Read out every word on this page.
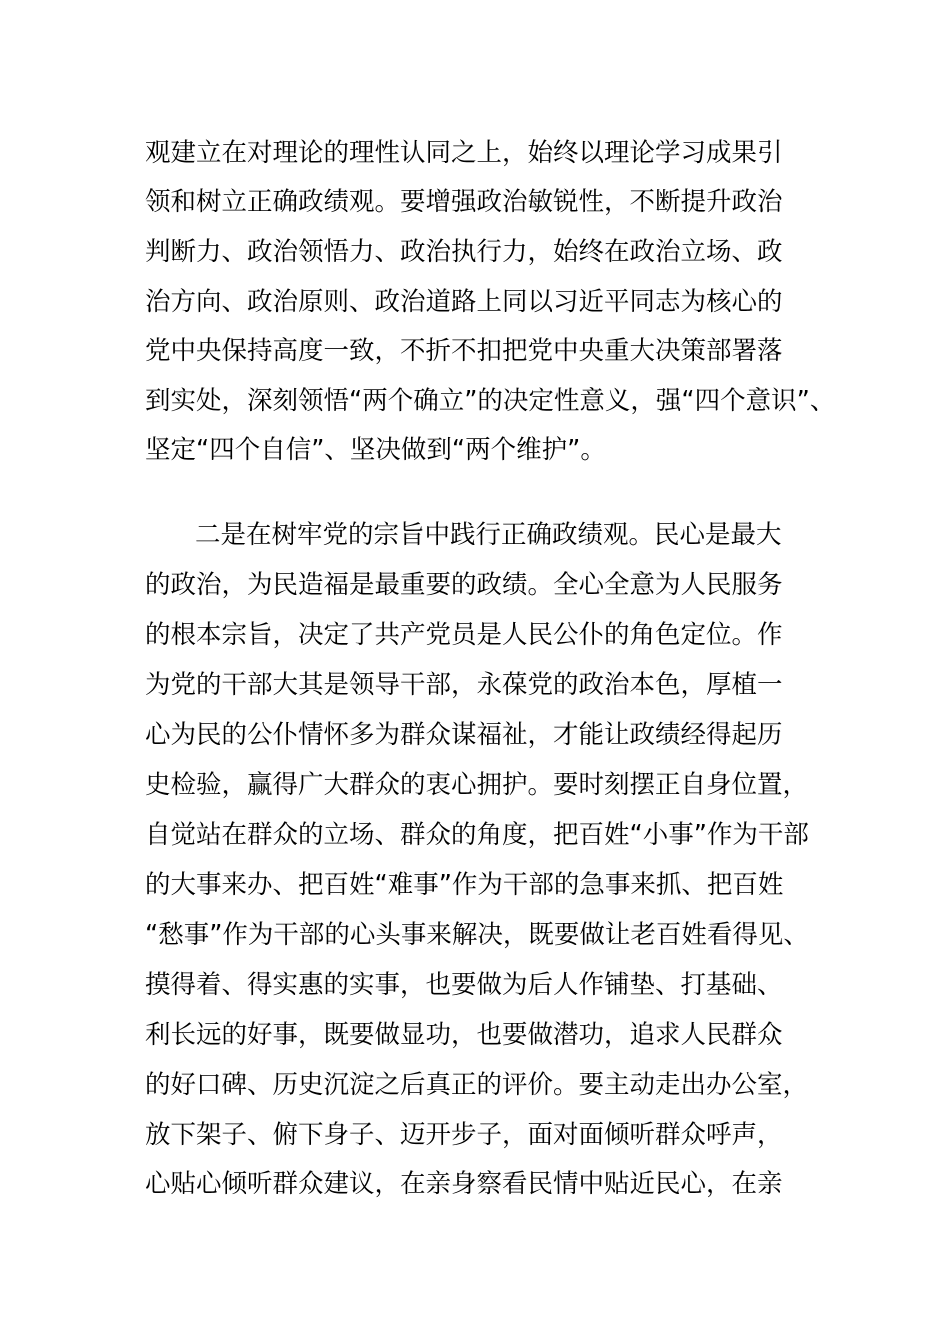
观建立在对理论的理性认同之上，始终以理论学习成果引
领和树立正确政绩观。要增强政治敏锐性，不断提升政治
判断力、政治领悟力、政治执行力，始终在政治立场、政
治方向、政治原则、政治道路上同以习近平同志为核心的
党中央保持高度一致，不折不扣把党中央重大决策部署落
到实处，深刻领悟“两个确立”的决定性意义，强“四个意识”、
坚定“四个自信”、坚决做到“两个维护”。
二是在树牢党的宗旨中践行正确政绩观。民心是最大
的政治，为民造福是最重要的政绩。全心全意为人民服务
的根本宗旨，决定了共产党员是人民公仆的角色定位。作
为党的干部大其是领导干部，永葆党的政治本色，厚植一
心为民的公仆情怀多为群众谋福祉，才能让政绩经得起历
史检验，赢得广大群众的衷心拥护。要时刻摆正自身位置，
自觉站在群众的立场、群众的角度，把百姓“小事”作为干部
的大事来办、把百姓“难事”作为干部的急事来抓、把百姓
“愁事”作为干部的心头事来解决，既要做让老百姓看得见、
摸得着、得实惠的实事，也要做为后人作铺垫、打基础、
利长远的好事，既要做显功，也要做潜功，追求人民群众
的好口碑、历史沉淀之后真正的评价。要主动走出办公室，
放下架子、俯下身子、迈开步子，面对面倾听群众呼声，
心贴心倾听群众建议，在亲身察看民情中贴近民心，在亲
